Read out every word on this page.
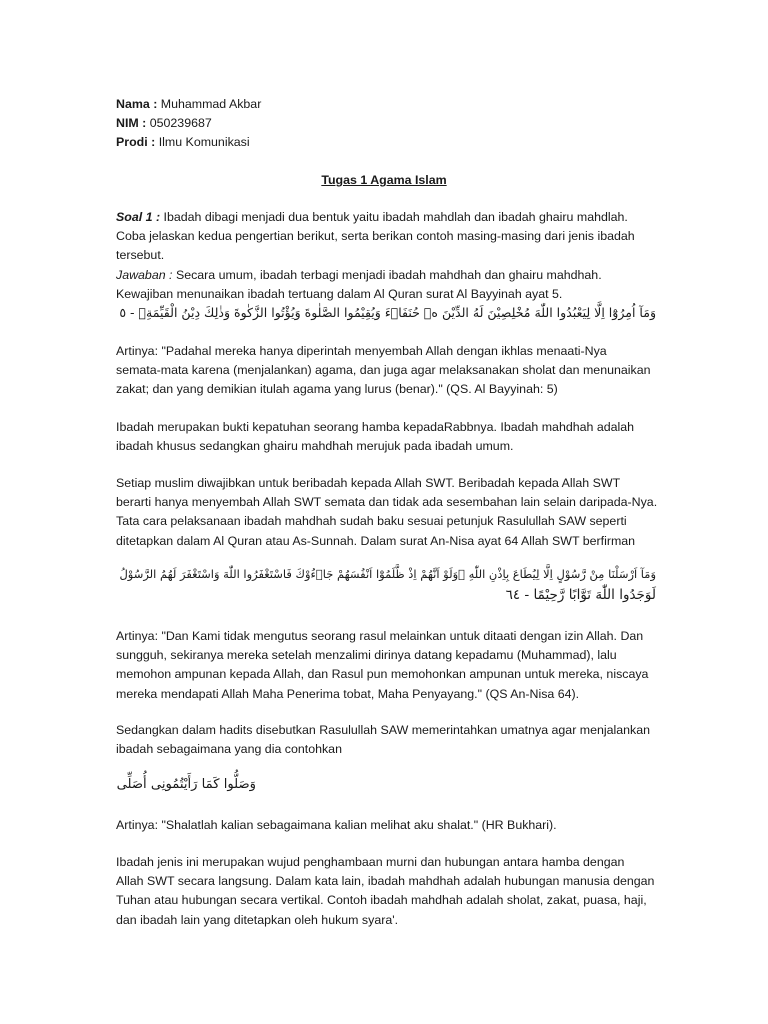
Nama : Muhammad Akbar
NIM : 050239687
Prodi : Ilmu Komunikasi
Tugas 1 Agama Islam
Soal 1 : Ibadah dibagi menjadi dua bentuk yaitu ibadah mahdlah dan ibadah ghairu mahdlah.
Coba jelaskan kedua pengertian berikut, serta berikan contoh masing-masing dari jenis ibadah
tersebut.
Jawaban : Secara umum, ibadah terbagi menjadi ibadah mahdhah dan ghairu mahdhah.
Kewajiban menunaikan ibadah tertuang dalam Al Quran surat Al Bayyinah ayat 5.
وَمَآ اُمِرُوْٓا اِلَّا لِيَعْبُدُوا اللّٰهَ مُخْلِصِيْنَ لَهُ الدِّيْنَ ەۙ حُنَفَاۤءَ وَيُقِيْمُوا الصَّلٰوةَ وَيُؤْتُوا الزَّكٰوةَ وَذٰلِكَ دِيْنُ الْقَيِّمَةِۗ - ٥
Artinya: "Padahal mereka hanya diperintah menyembah Allah dengan ikhlas menaati-Nya
semata-mata karena (menjalankan) agama, dan juga agar melaksanakan sholat dan menunaikan
zakat; dan yang demikian itulah agama yang lurus (benar)." (QS. Al Bayyinah: 5)
Ibadah merupakan bukti kepatuhan seorang hamba kepadaRabbnya. Ibadah mahdhah adalah
ibadah khusus sedangkan ghairu mahdhah merujuk pada ibadah umum.
Setiap muslim diwajibkan untuk beribadah kepada Allah SWT. Beribadah kepada Allah SWT
berarti hanya menyembah Allah SWT semata dan tidak ada sesembahan lain selain daripada-Nya.
Tata cara pelaksanaan ibadah mahdhah sudah baku sesuai petunjuk Rasulullah SAW seperti
ditetapkan dalam Al Quran atau As-Sunnah. Dalam surat An-Nisa ayat 64 Allah SWT berfirman
وَمَآ اَرْسَلْنَا مِنْ رَّسُوْلٍ اِلَّا لِيُطَاعَ بِاِذْنِ اللّٰهِ ۗوَلَوْ اَنَّهُمْ اِذْ ظَّلَمُوْٓا اَنْفُسَهُمْ جَاۤءُوْكَ فَاسْتَغْفَرُوا اللّٰهَ وَاسْتَغْفَرَ لَهُمُ الرَّسُوْلُ
لَوَجَدُوا اللّٰهَ تَوَّابًا رَّحِيْمًا - ٦٤
Artinya: "Dan Kami tidak mengutus seorang rasul melainkan untuk ditaati dengan izin Allah. Dan
sungguh, sekiranya mereka setelah menzalimi dirinya datang kepadamu (Muhammad), lalu
memohon ampunan kepada Allah, dan Rasul pun memohonkan ampunan untuk mereka, niscaya
mereka mendapati Allah Maha Penerima tobat, Maha Penyayang." (QS An-Nisa 64).
Sedangkan dalam hadits disebutkan Rasulullah SAW memerintahkan umatnya agar menjalankan
ibadah sebagaimana yang dia contohkan
وَصَلُّوا كَمَا رَأَيْتُمُونِى أُصَلِّى
Artinya: "Shalatlah kalian sebagaimana kalian melihat aku shalat." (HR Bukhari).
Ibadah jenis ini merupakan wujud penghambaan murni dan hubungan antara hamba dengan
Allah SWT secara langsung. Dalam kata lain, ibadah mahdhah adalah hubungan manusia dengan
Tuhan atau hubungan secara vertikal. Contoh ibadah mahdhah adalah sholat, zakat, puasa, haji,
dan ibadah lain yang ditetapkan oleh hukum syara'.
